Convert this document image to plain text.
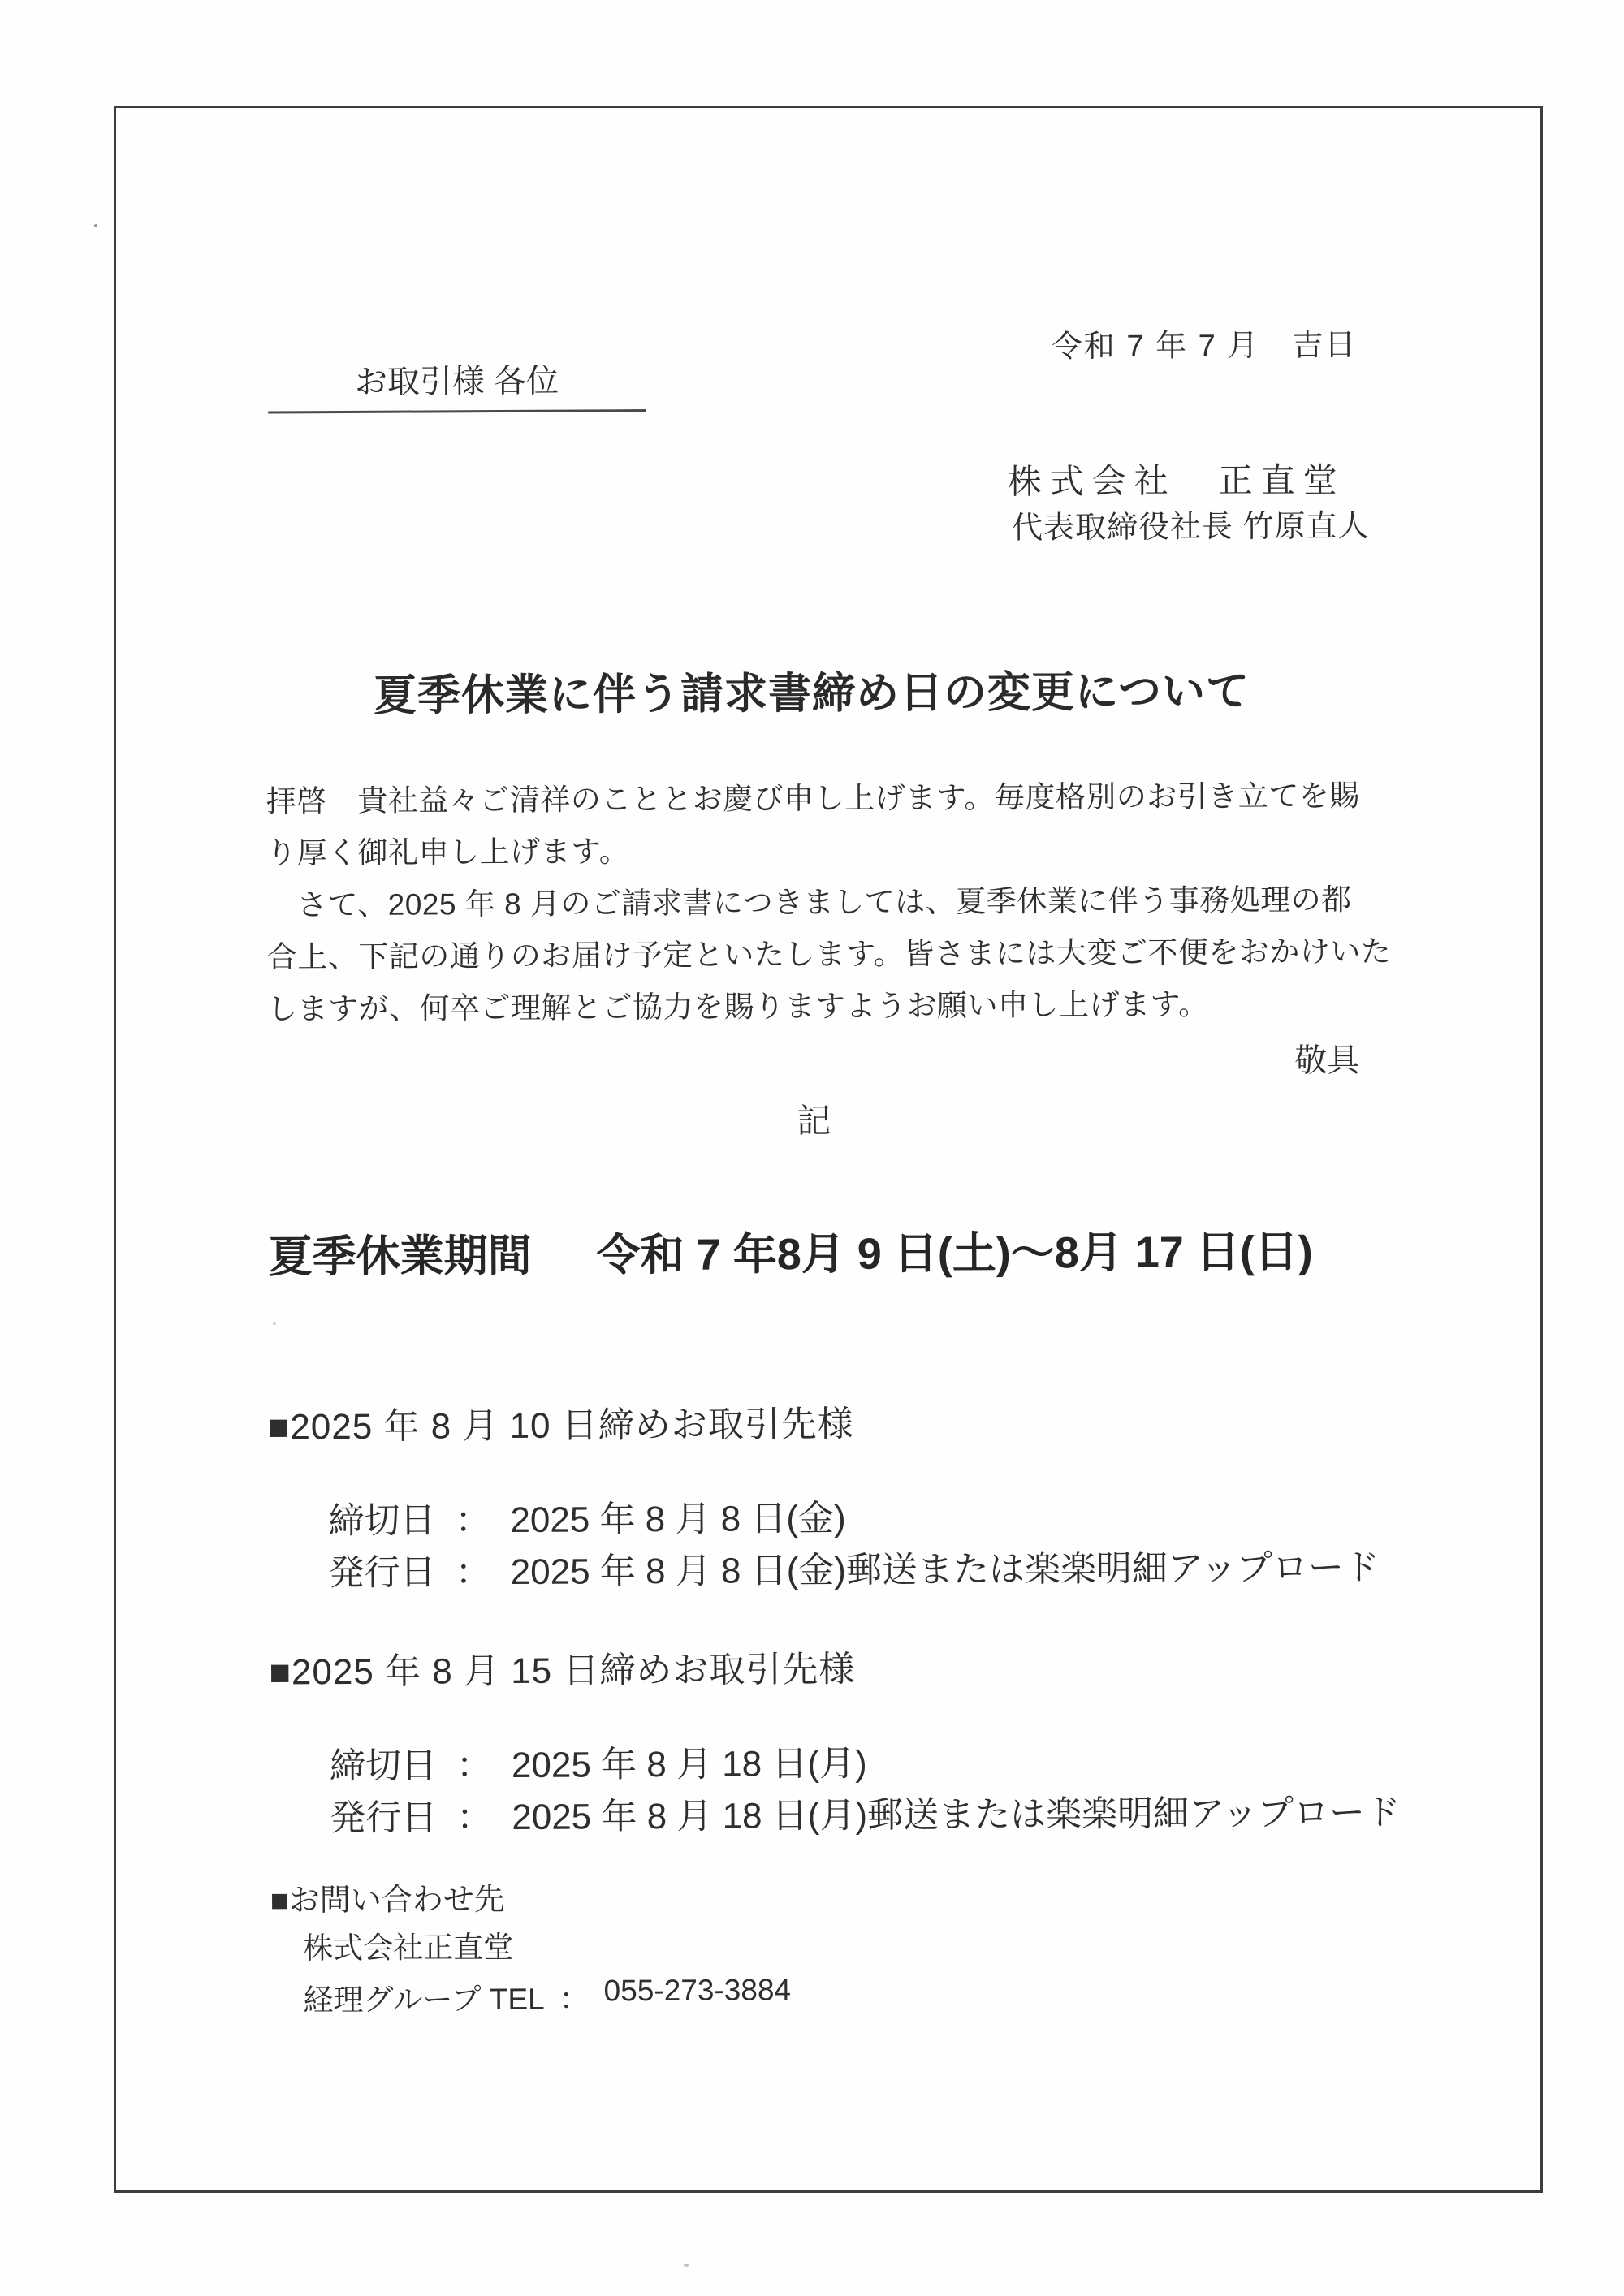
令和 7 年 7 月　吉日
お取引様 各位
株式会社　正直堂
代表取締役社長 竹原直人
夏季休業に伴う請求書締め日の変更について
拝啓　貴社益々ご清祥のこととお慶び申し上げます。毎度格別のお引き立てを賜
り厚く御礼申し上げます。
　さて、2025 年 8 月のご請求書につきましては、夏季休業に伴う事務処理の都
合上、下記の通りのお届け予定といたします。皆さまには大変ご不便をおかけいた
しますが、何卒ご理解とご協力を賜りますようお願い申し上げます。
敬具
記
夏季休業期間 令和 7 年8月 9 日(土)～8月 17 日(日)
■2025 年 8 月 10 日締めお取引先様
締切日 ： 2025 年 8 月 8 日(金)
発行日 ： 2025 年 8 月 8 日(金)郵送または楽楽明細アップロード
■2025 年 8 月 15 日締めお取引先様
締切日 ： 2025 年 8 月 18 日(月)
発行日 ： 2025 年 8 月 18 日(月)郵送または楽楽明細アップロード
■お問い合わせ先
株式会社正直堂
経理グループ TEL ： 055-273-3884
